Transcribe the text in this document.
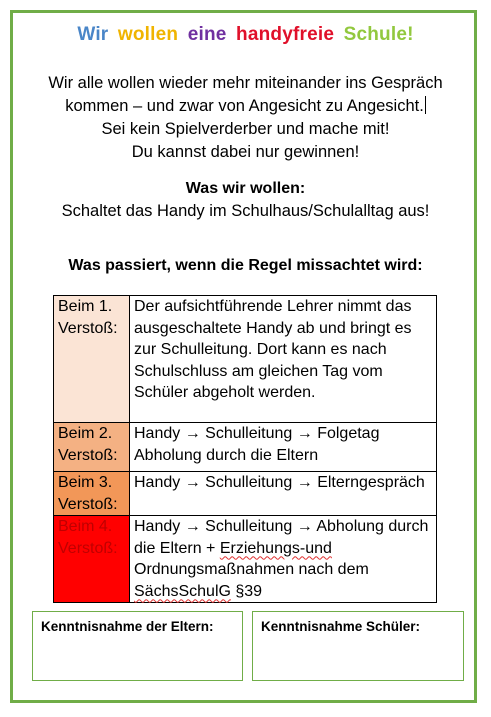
Wir wollen eine handyfreie Schule!
Wir alle wollen wieder mehr miteinander ins Gespräch
kommen – und zwar von Angesicht zu Angesicht.
Sei kein Spielverderber und mache mit!
Du kannst dabei nur gewinnen!
Was wir wollen:
Schaltet das Handy im Schulhaus/Schulalltag aus!
Was passiert, wenn die Regel missachtet wird:
Beim 1.
Verstoß:	Der aufsichtführende Lehrer nimmt das ausgeschaltete Handy ab und bringt es zur Schulleitung. Dort kann es nach Schulschluss am gleichen Tag vom Schüler abgeholt werden.

Beim 2.
Verstoß:	Handy → Schulleitung → Folgetag Abholung durch die Eltern

Beim 3.
Verstoß:	Handy → Schulleitung → Elterngespräch

Beim 4.
Verstoß:	Handy → Schulleitung → Abholung durch die Eltern + Erziehungs-und Ordnungsmaßnahmen nach dem SächsSchulG §39
Kenntnisnahme der Eltern:	Kenntnisnahme Schüler:
